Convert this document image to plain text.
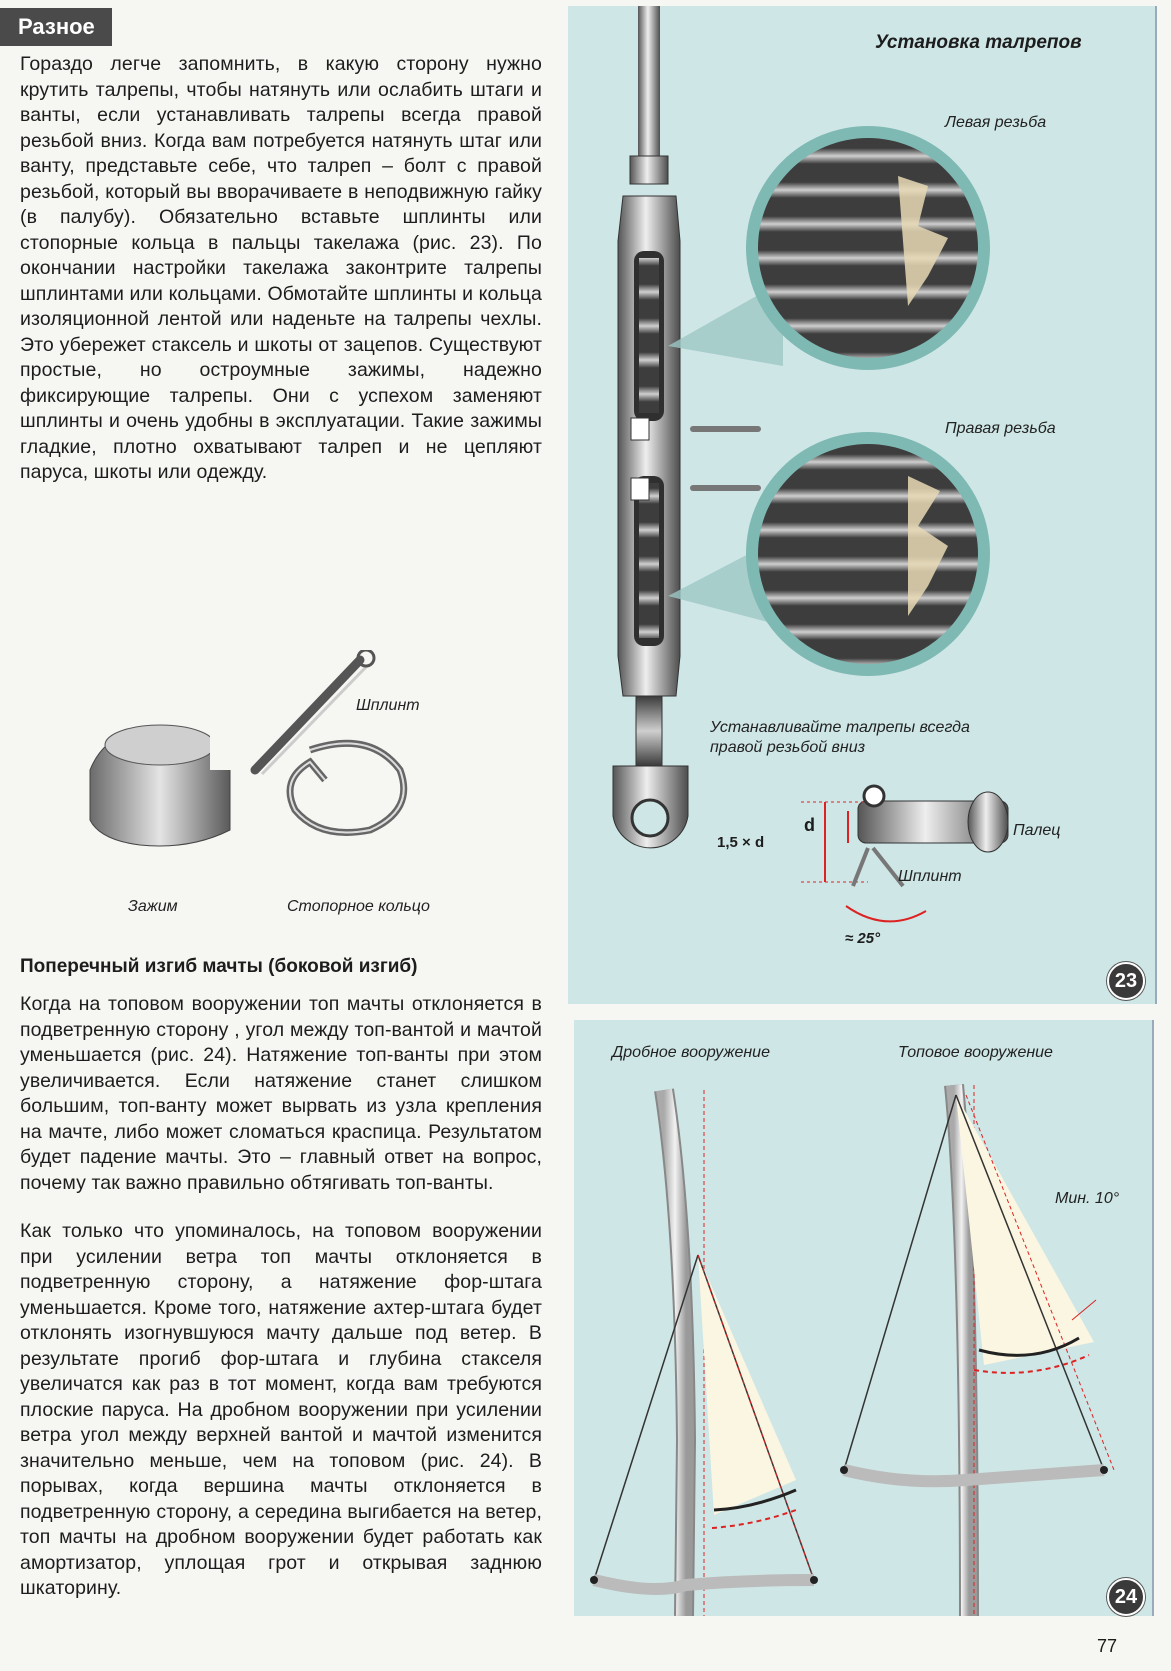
Разное
Гораздо легче запомнить, в какую сторону нужно крутить талрепы, чтобы натянуть или ослабить штаги и ванты, если устанавливать талрепы всегда правой резьбой вниз. Когда вам потребуется натянуть штаг или ванту, представьте себе, что талреп – болт с правой резьбой, который вы вворачиваете в неподвижную гайку (в палубу). Обязательно вставьте шплинты или стопорные кольца в пальцы такелажа (рис. 23). По окончании настройки такелажа законтрите талрепы шплинтами или кольцами. Обмотайте шплинты и кольца изоляционной лентой или наденьте на талрепы чехлы. Это убережет стаксель и шкоты от зацепов. Существуют простые, но остроумные зажимы, надежно фиксирующие талрепы. Они с успехом заменяют шплинты и очень удобны в эксплуатации. Такие зажимы гладкие, плотно охватывают талреп и не цепляют паруса, шкоты или одежду.
Шплинт
Зажим	Стопорное кольцо
Поперечный изгиб мачты (боковой изгиб)
Когда на топовом вооружении топ мачты отклоняется в подветренную сторону , угол между топ-вантой и мачтой уменьшается (рис. 24). Натяжение топ-ванты при этом увеличивается. Если натяжение станет слишком большим, топ-ванту может вырвать из узла крепления на мачте, либо может сломаться краспица. Результатом будет падение мачты. Это – главный ответ на вопрос, почему так важно правильно обтягивать топ-ванты.
Как только что упоминалось, на топовом вооружении при усилении ветра топ мачты отклоняется в подветренную сторону, а натяжение фор-штага уменьшается. Кроме того, натяжение ахтер-штага будет отклонять изогнувшуюся мачту дальше под ветер. В результате прогиб фор-штага и глубина стакселя увеличатся как раз в тот момент, когда вам требуются плоские паруса. На дробном вооружении при усилении ветра угол между верхней вантой и мачтой изменится значительно меньше, чем на топовом (рис. 24). В порывах, когда вершина мачты отклоняется в подветренную сторону, а середина выгибается на ветер, топ мачты на дробном вооружении будет работать как амортизатор, уплощая грот и открывая заднюю шкаторину.
Установка талрепов
Левая резьба
Правая резьба
Устанавливайте талрепы всегда правой резьбой вниз
1,5 × d
d	Палец
Шплинт
≈ 25°
23
Дробное вооружение	Топовое вооружение
Мин. 10°
24
77
